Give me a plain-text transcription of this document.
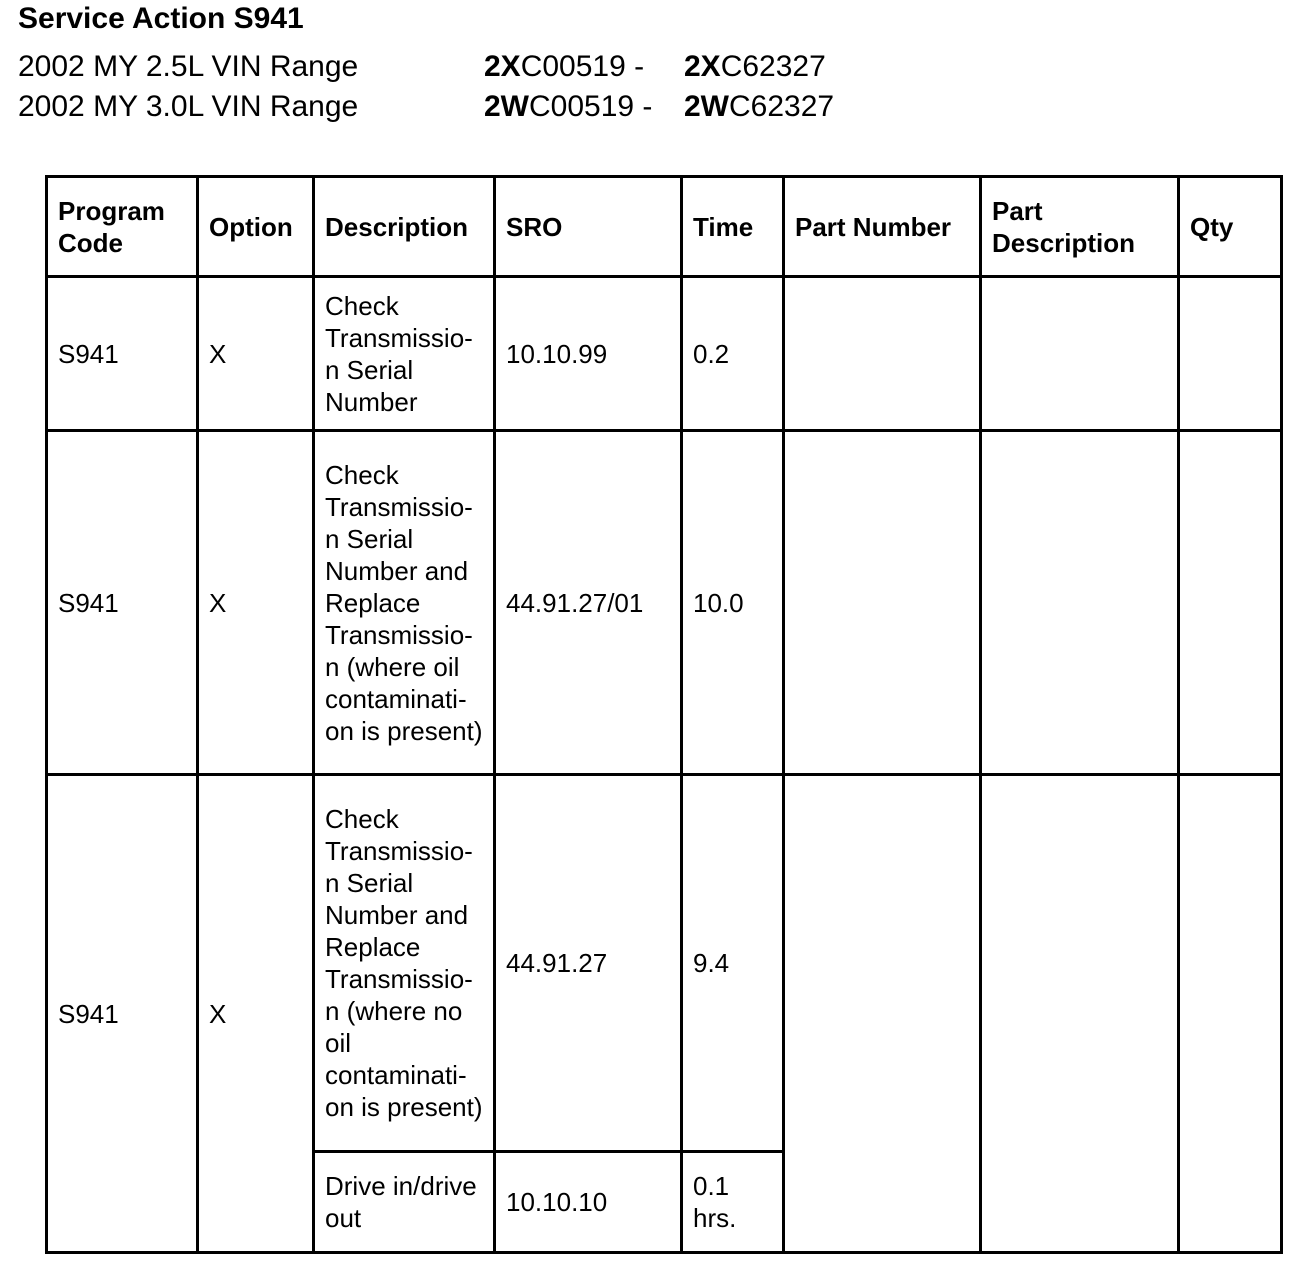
Service Action S941
2002 MY 2.5L VIN Range	2XC00519 - 2XC62327
2002 MY 3.0L VIN Range	2WC00519 - 2WC62327
Program Code	Option	Description	SRO	Time	Part Number	Part Description	Qty
S941	X	Check Transmissio-n Serial Number	10.10.99	0.2			
S941	X	Check Transmissio-n Serial Number and Replace Transmissio-n (where oil contaminati-on is present)	44.91.27/01	10.0			
S941	X	Check Transmissio-n Serial Number and Replace Transmissio-n (where no oil contaminati-on is present)	44.91.27	9.4			
		Drive in/drive out	10.10.10	0.1 hrs.			
